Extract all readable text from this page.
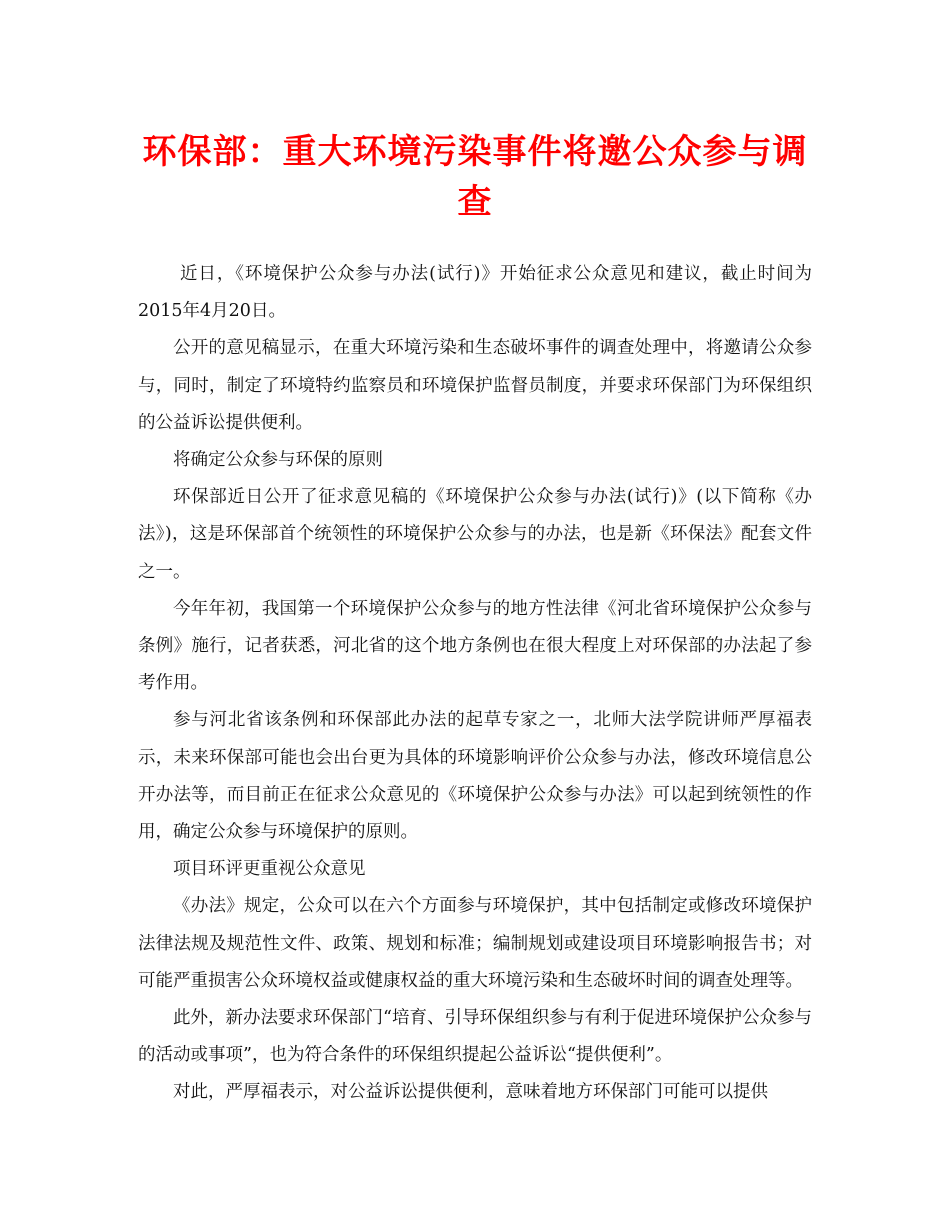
环保部：重大环境污染事件将邀公众参与调查

近日，《环境保护公众参与办法(试行)》开始征求公众意见和建议，截止时间为2015年4月20日。

公开的意见稿显示，在重大环境污染和生态破坏事件的调查处理中，将邀请公众参与，同时，制定了环境特约监察员和环境保护监督员制度，并要求环保部门为环保组织的公益诉讼提供便利。

将确定公众参与环保的原则

环保部近日公开了征求意见稿的《环境保护公众参与办法(试行)》(以下简称《办法》)，这是环保部首个统领性的环境保护公众参与的办法，也是新《环保法》配套文件之一。

今年年初，我国第一个环境保护公众参与的地方性法律《河北省环境保护公众参与条例》施行，记者获悉，河北省的这个地方条例也在很大程度上对环保部的办法起了参考作用。

参与河北省该条例和环保部此办法的起草专家之一，北师大法学院讲师严厚福表示，未来环保部可能也会出台更为具体的环境影响评价公众参与办法，修改环境信息公开办法等，而目前正在征求公众意见的《环境保护公众参与办法》可以起到统领性的作用，确定公众参与环境保护的原则。

项目环评更重视公众意见

《办法》规定，公众可以在六个方面参与环境保护，其中包括制定或修改环境保护法律法规及规范性文件、政策、规划和标准；编制规划或建设项目环境影响报告书；对可能严重损害公众环境权益或健康权益的重大环境污染和生态破坏时间的调查处理等。

此外，新办法要求环保部门“培育、引导环保组织参与有利于促进环境保护公众参与的活动或事项”，也为符合条件的环保组织提起公益诉讼“提供便利”。

对此，严厚福表示，对公益诉讼提供便利，意味着地方环保部门可能可以提供
